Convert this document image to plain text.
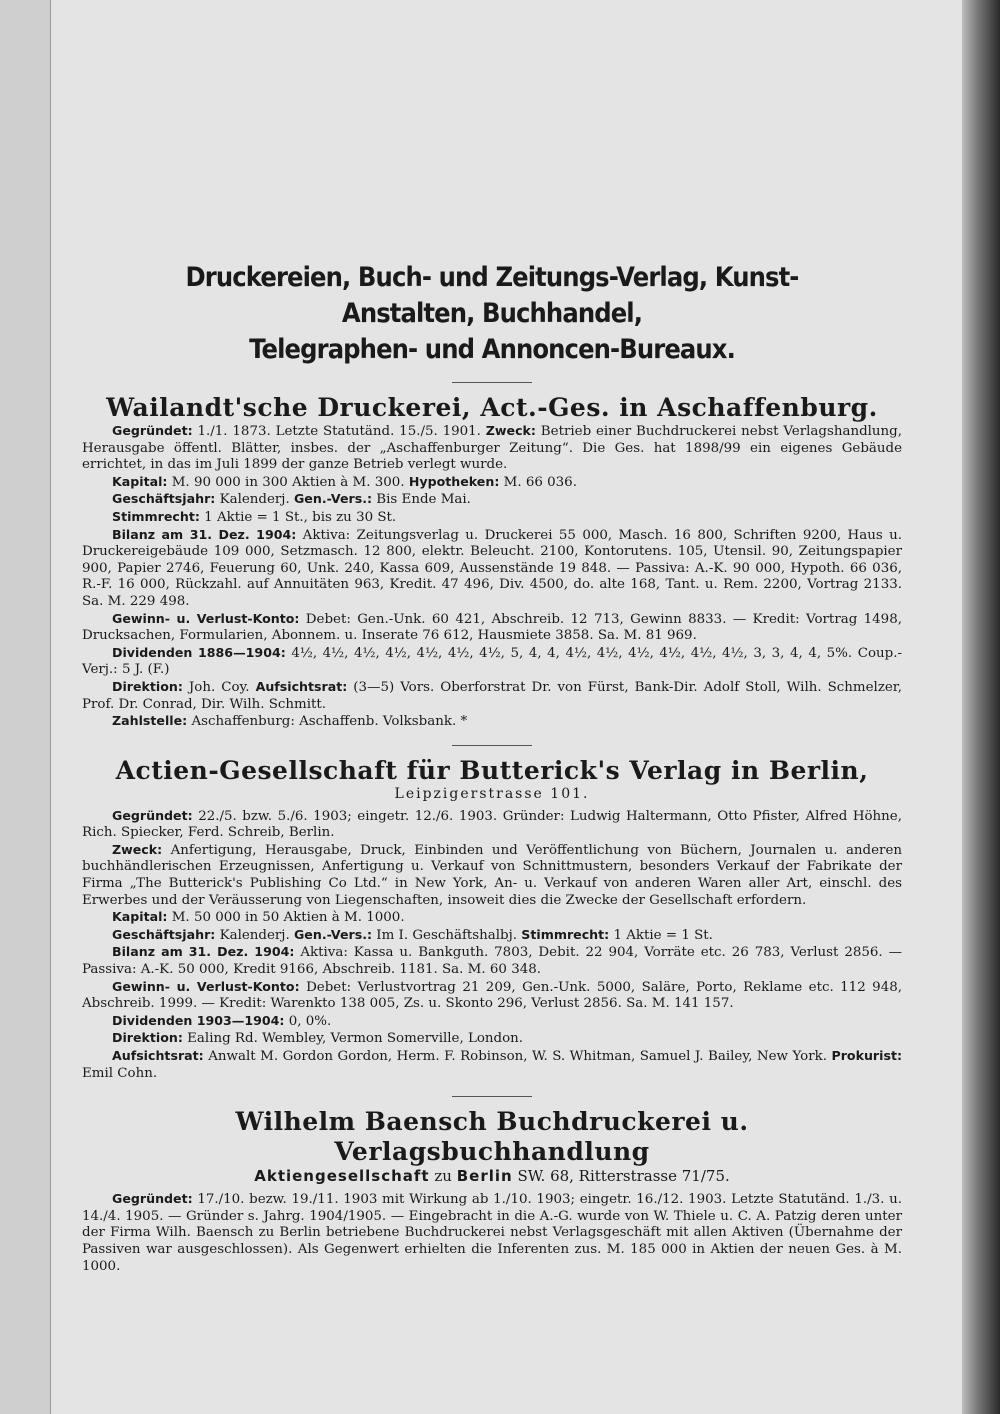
Druckereien, Buch- und Zeitungs-Verlag, Kunst-Anstalten, Buchhandel,
Telegraphen- und Annoncen-Bureaux.
Wailandt'sche Druckerei, Act.-Ges. in Aschaffenburg.

Gegründet: 1./1. 1873. Letzte Statutänd. 15./5. 1901. Zweck: Betrieb einer Buchdruckerei nebst Verlagshandlung, Herausgabe öffentl. Blätter, insbes. der „Aschaffenburger Zeitung“. Die Ges. hat 1898/99 ein eigenes Gebäude errichtet, in das im Juli 1899 der ganze Betrieb verlegt wurde.

Kapital: M. 90 000 in 300 Aktien à M. 300. Hypotheken: M. 66 036.

Geschäftsjahr: Kalenderj. Gen.-Vers.: Bis Ende Mai.

Stimmrecht: 1 Aktie = 1 St., bis zu 30 St.

Bilanz am 31. Dez. 1904: Aktiva: Zeitungsverlag u. Druckerei 55 000, Masch. 16 800, Schriften 9200, Haus u. Druckereigebäude 109 000, Setzmasch. 12 800, elektr. Beleucht. 2100, Kontorutens. 105, Utensil. 90, Zeitungspapier 900, Papier 2746, Feuerung 60, Unk. 240, Kassa 609, Aussenstände 19 848. — Passiva: A.-K. 90 000, Hypoth. 66 036, R.-F. 16 000, Rückzahl. auf Annuitäten 963, Kredit. 47 496, Div. 4500, do. alte 168, Tant. u. Rem. 2200, Vortrag 2133. Sa. M. 229 498.

Gewinn- u. Verlust-Konto: Debet: Gen.-Unk. 60 421, Abschreib. 12 713, Gewinn 8833. — Kredit: Vortrag 1498, Drucksachen, Formularien, Abonnem. u. Inserate 76 612, Hausmiete 3858. Sa. M. 81 969.

Dividenden 1886—1904: 4½, 4½, 4½, 4½, 4½, 4½, 4½, 5, 4, 4, 4½, 4½, 4½, 4½, 4½, 4½, 3, 3, 4, 4, 5%. Coup.-Verj.: 5 J. (F.)

Direktion: Joh. Coy. Aufsichtsrat: (3—5) Vors. Oberforstrat Dr. von Fürst, Bank-Dir. Adolf Stoll, Wilh. Schmelzer, Prof. Dr. Conrad, Dir. Wilh. Schmitt.

Zahlstelle: Aschaffenburg: Aschaffenb. Volksbank. *

Actien-Gesellschaft für Butterick's Verlag in Berlin,

Leipzigerstrasse 101.

Gegründet: 22./5. bzw. 5./6. 1903; eingetr. 12./6. 1903. Gründer: Ludwig Haltermann, Otto Pfister, Alfred Höhne, Rich. Spiecker, Ferd. Schreib, Berlin.

Zweck: Anfertigung, Herausgabe, Druck, Einbinden und Veröffentlichung von Büchern, Journalen u. anderen buchhändlerischen Erzeugnissen, Anfertigung u. Verkauf von Schnittmustern, besonders Verkauf der Fabrikate der Firma „The Butterick's Publishing Co Ltd.“ in New York, An- u. Verkauf von anderen Waren aller Art, einschl. des Erwerbes und der Veräusserung von Liegenschaften, insoweit dies die Zwecke der Gesellschaft erfordern.

Kapital: M. 50 000 in 50 Aktien à M. 1000.

Geschäftsjahr: Kalenderj. Gen.-Vers.: Im I. Geschäftshalbj. Stimmrecht: 1 Aktie = 1 St.

Bilanz am 31. Dez. 1904: Aktiva: Kassa u. Bankguth. 7803, Debit. 22 904, Vorräte etc. 26 783, Verlust 2856. — Passiva: A.-K. 50 000, Kredit 9166, Abschreib. 1181. Sa. M. 60 348.

Gewinn- u. Verlust-Konto: Debet: Verlustvortrag 21 209, Gen.-Unk. 5000, Saläre, Porto, Reklame etc. 112 948, Abschreib. 1999. — Kredit: Warenkto 138 005, Zs. u. Skonto 296, Verlust 2856. Sa. M. 141 157.

Dividenden 1903—1904: 0, 0%.

Direktion: Ealing Rd. Wembley, Vermon Somerville, London.

Aufsichtsrat: Anwalt M. Gordon Gordon, Herm. F. Robinson, W. S. Whitman, Samuel J. Bailey, New York. Prokurist: Emil Cohn.

Wilhelm Baensch Buchdruckerei u. Verlagsbuchhandlung

Aktiengesellschaft zu Berlin SW. 68, Ritterstrasse 71/75.

Gegründet: 17./10. bezw. 19./11. 1903 mit Wirkung ab 1./10. 1903; eingetr. 16./12. 1903. Letzte Statutänd. 1./3. u. 14./4. 1905. — Gründer s. Jahrg. 1904/1905. — Eingebracht in die A.-G. wurde von W. Thiele u. C. A. Patzig deren unter der Firma Wilh. Baensch zu Berlin betriebene Buchdruckerei nebst Verlagsgeschäft mit allen Aktiven (Übernahme der Passiven war ausgeschlossen). Als Gegenwert erhielten die Inferenten zus. M. 185 000 in Aktien der neuen Ges. à M. 1000.
